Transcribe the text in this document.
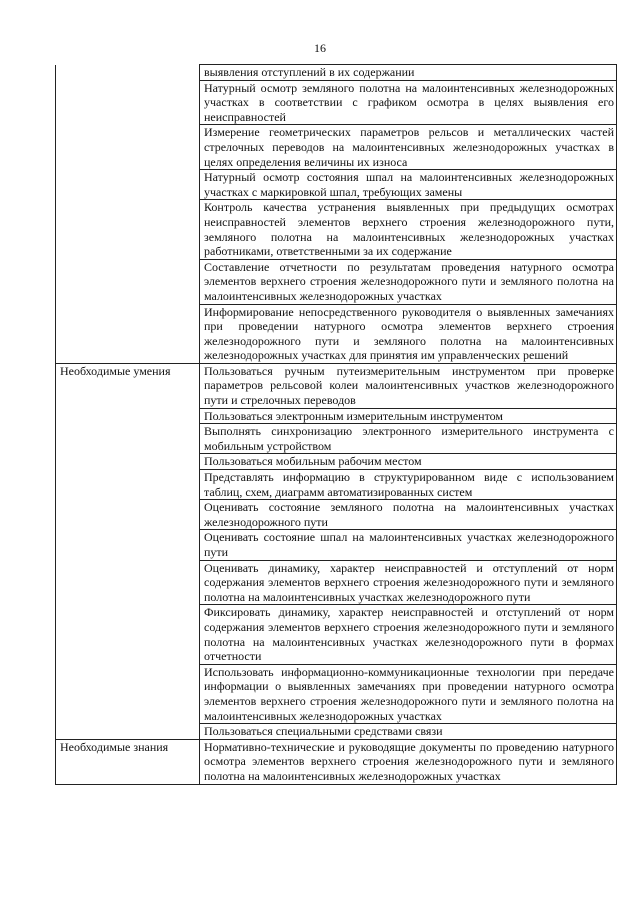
16
	выявления отступлений в их содержании
	Натурный осмотр земляного полотна на малоинтенсивных железнодорожных участках в соответствии с графиком осмотра в целях выявления его неисправностей
	Измерение геометрических параметров рельсов и металлических частей стрелочных переводов на малоинтенсивных железнодорожных участках в целях определения величины их износа
	Натурный осмотр состояния шпал на малоинтенсивных железнодорожных участках с маркировкой шпал, требующих замены
	Контроль качества устранения выявленных при предыдущих осмотрах неисправностей элементов верхнего строения железнодорожного пути, земляного полотна на малоинтенсивных железнодорожных участках работниками, ответственными за их содержание
	Составление отчетности по результатам проведения натурного осмотра элементов верхнего строения железнодорожного пути и земляного полотна на малоинтенсивных железнодорожных участках
	Информирование непосредственного руководителя о выявленных замечаниях при проведении натурного осмотра элементов верхнего строения железнодорожного пути и земляного полотна на малоинтенсивных железнодорожных участках для принятия им управленческих решений
Необходимые умения	Пользоваться ручным путеизмерительным инструментом при проверке параметров рельсовой колеи малоинтенсивных участков железнодорожного пути и стрелочных переводов
	Пользоваться электронным измерительным инструментом
	Выполнять синхронизацию электронного измерительного инструмента с мобильным устройством
	Пользоваться мобильным рабочим местом
	Представлять информацию в структурированном виде с использованием таблиц, схем, диаграмм автоматизированных систем
	Оценивать состояние земляного полотна на малоинтенсивных участках железнодорожного пути
	Оценивать состояние шпал на малоинтенсивных участках железнодорожного пути
	Оценивать динамику, характер неисправностей и отступлений от норм содержания элементов верхнего строения железнодорожного пути и земляного полотна на малоинтенсивных участках железнодорожного пути
	Фиксировать динамику, характер неисправностей и отступлений от норм содержания элементов верхнего строения железнодорожного пути и земляного полотна на малоинтенсивных участках железнодорожного пути в формах отчетности
	Использовать информационно-коммуникационные технологии при передаче информации о выявленных замечаниях при проведении натурного осмотра элементов верхнего строения железнодорожного пути и земляного полотна на малоинтенсивных железнодорожных участках
	Пользоваться специальными средствами связи
Необходимые знания	Нормативно-технические и руководящие документы по проведению натурного осмотра элементов верхнего строения железнодорожного пути и земляного полотна на малоинтенсивных железнодорожных участках
